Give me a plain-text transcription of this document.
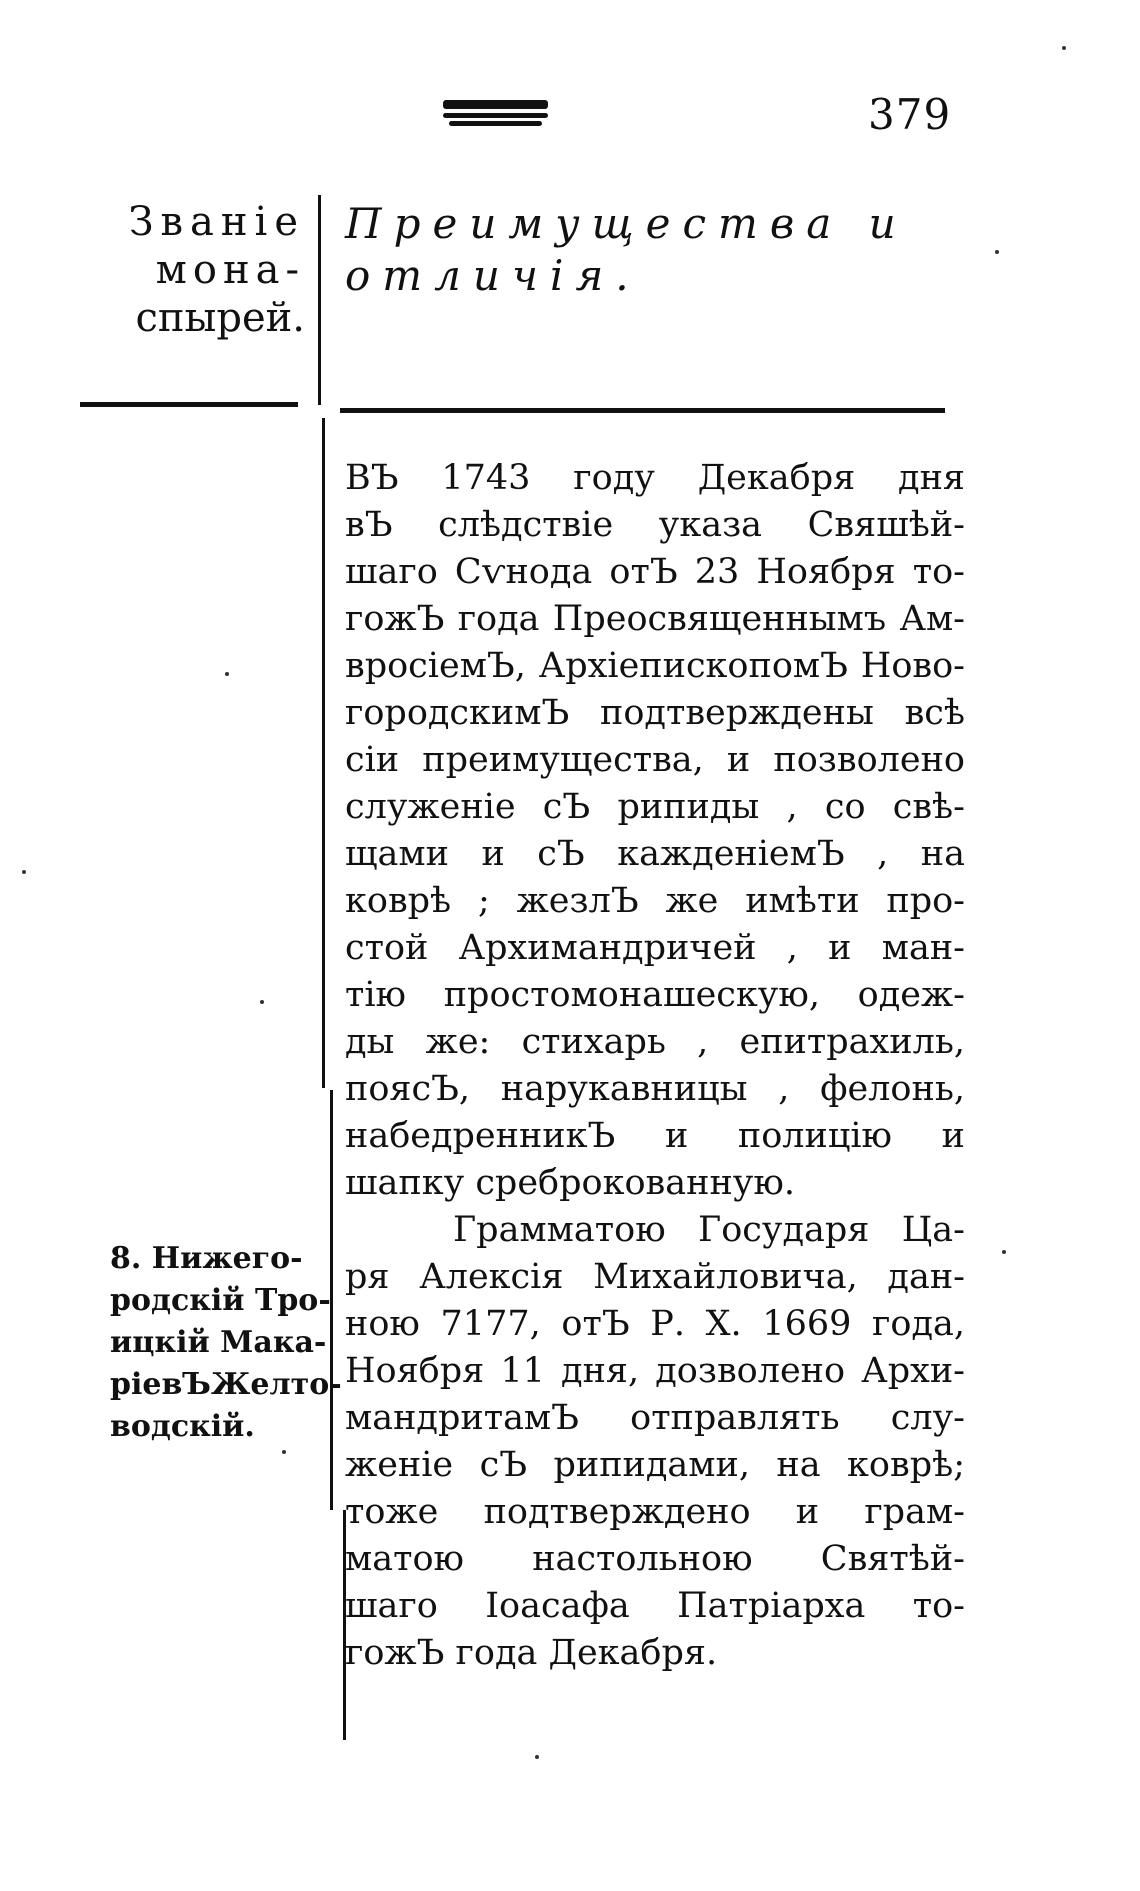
379
Званіе
мона-
спырей.
Преимущества и
отличія.

ВЪ 1743 году Декабря дня
вЪ слѣдствіе указа Свяшѣй-
шаго Сѵнода отЪ 23 Ноября то-
гожЪ года Преосвященнымъ Ам-
вросіемЪ, АрхіепископомЪ Ново-
городскимЪ подтверждены всѣ
сіи преимущества, и позволено
служеніе сЪ рипиды , со свѣ-
щами и сЪ кажденіемЪ , на
коврѣ ; жезлЪ же имѣти про-
стой Архимандричей , и ман-
тію простомонашескую, одеж-
ды же: стихарь , епитрахиль,
поясЪ, нарукавницы , фелонь,
набедренникЪ и полицію и
шапку среброкованную.

Грамматою Государя Ца-
ря Алексія Михайловича, дан-
ною 7177, отЪ Р. Х. 1669 года,
Ноября 11 дня, дозволено Архи-
мандритамЪ отправлять слу-
женіе сЪ рипидами, на коврѣ;
тоже подтверждено и грам-
матою настольною Святѣй-
шаго Іоасафа Патріарха то-
гожЪ года Декабря.

8. Нижего-
родскій Тро-
ицкій Мака-
ріевЪЖелтo-
водскій.
